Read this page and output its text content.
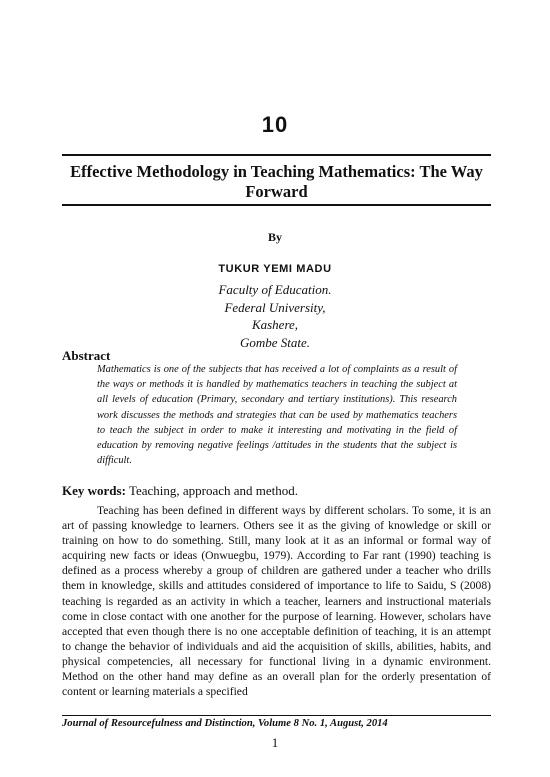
10
Effective Methodology in Teaching Mathematics: The Way Forward
By
TUKUR YEMI MADU
Faculty of Education.
Federal University,
Kashere,
Gombe State.
Abstract
Mathematics is one of the subjects that has received a lot of complaints as a result of the ways or methods it is handled by mathematics teachers in teaching the subject at all levels of education (Primary, secondary and tertiary institutions). This research work discusses the methods and strategies that can be used by mathematics teachers to teach the subject in order to make it interesting and motivating in the field of education by removing negative feelings /attitudes in the students that the subject is difficult.
Key words: Teaching, approach and method.

Teaching has been defined in different ways by different scholars. To some, it is an art of passing knowledge to learners. Others see it as the giving of knowledge or skill or training on how to do something. Still, many look at it as an informal or formal way of acquiring new facts or ideas (Onwuegbu, 1979). According to Far rant (1990) teaching is defined as a process whereby a group of children are gathered under a teacher who drills them in knowledge, skills and attitudes considered of importance to life to Saidu, S (2008) teaching is regarded as an activity in which a teacher, learners and instructional materials come in close contact with one another for the purpose of learning. However, scholars have accepted that even though there is no one acceptable definition of teaching, it is an attempt to change the behavior of individuals and aid the acquisition of skills, abilities, habits, and physical competencies, all necessary for functional living in a dynamic environment. Method on the other hand may define as an overall plan for the orderly presentation of content or learning materials a specified

Journal of Resourcefulness and Distinction, Volume 8 No. 1, August, 2014
1
